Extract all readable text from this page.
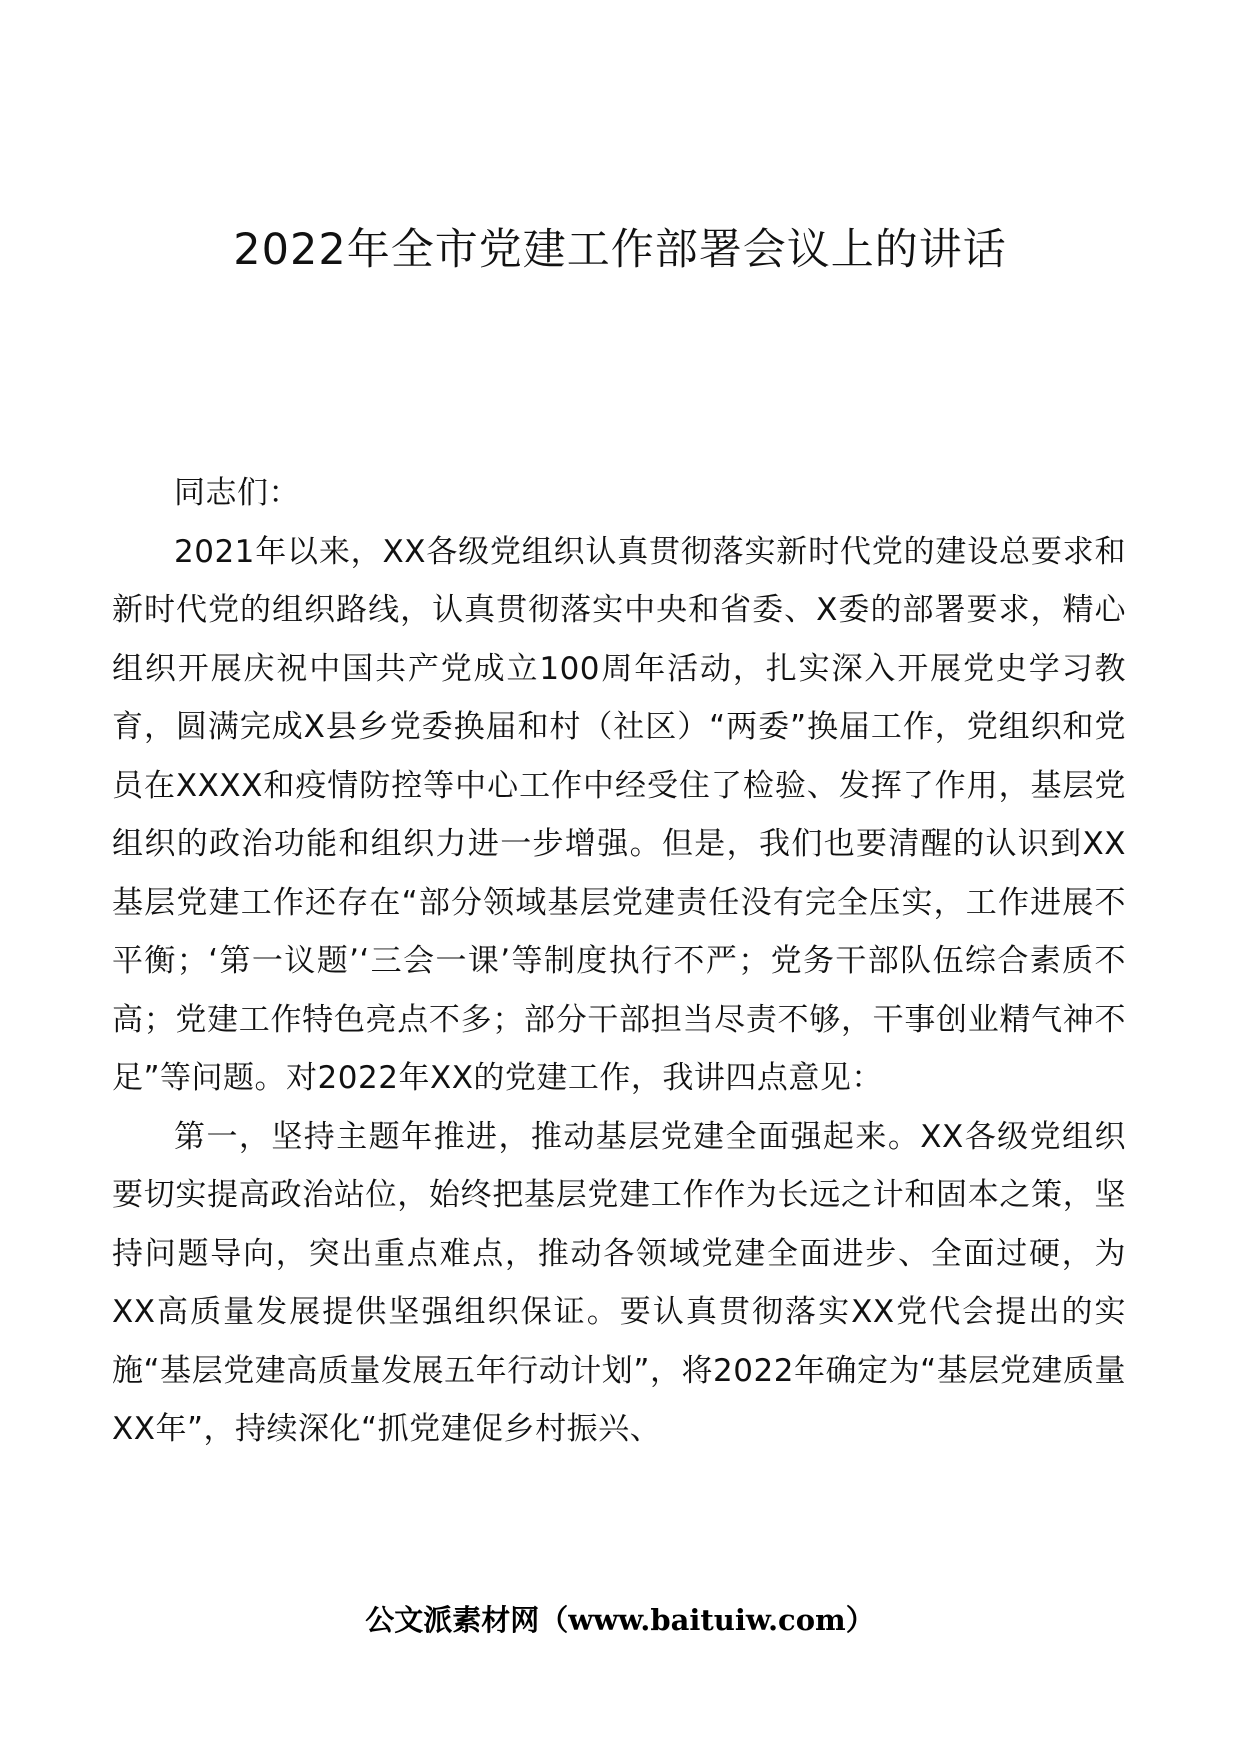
2022年全市党建工作部署会议上的讲话

同志们：

2021年以来，XX各级党组织认真贯彻落实新时代党的建设总要求和新时代党的组织路线，认真贯彻落实中央和省委、X委的部署要求，精心组织开展庆祝中国共产党成立100周年活动，扎实深入开展党史学习教育，圆满完成X县乡党委换届和村（社区）“两委”换届工作，党组织和党员在XXXX和疫情防控等中心工作中经受住了检验、发挥了作用，基层党组织的政治功能和组织力进一步增强。但是，我们也要清醒的认识到XX基层党建工作还存在“部分领域基层党建责任没有完全压实，工作进展不平衡；‘第一议题’‘三会一课’等制度执行不严；党务干部队伍综合素质不高；党建工作特色亮点不多；部分干部担当尽责不够，干事创业精气神不足”等问题。对2022年XX的党建工作，我讲四点意见：

第一，坚持主题年推进，推动基层党建全面强起来。XX各级党组织要切实提高政治站位，始终把基层党建工作作为长远之计和固本之策，坚持问题导向，突出重点难点，推动各领域党建全面进步、全面过硬，为XX高质量发展提供坚强组织保证。要认真贯彻落实XX党代会提出的实施“基层党建高质量发展五年行动计划”，将2022年确定为“基层党建质量XX年”，持续深化“抓党建促乡村振兴、

公文派素材网（www.baituiw.com）
